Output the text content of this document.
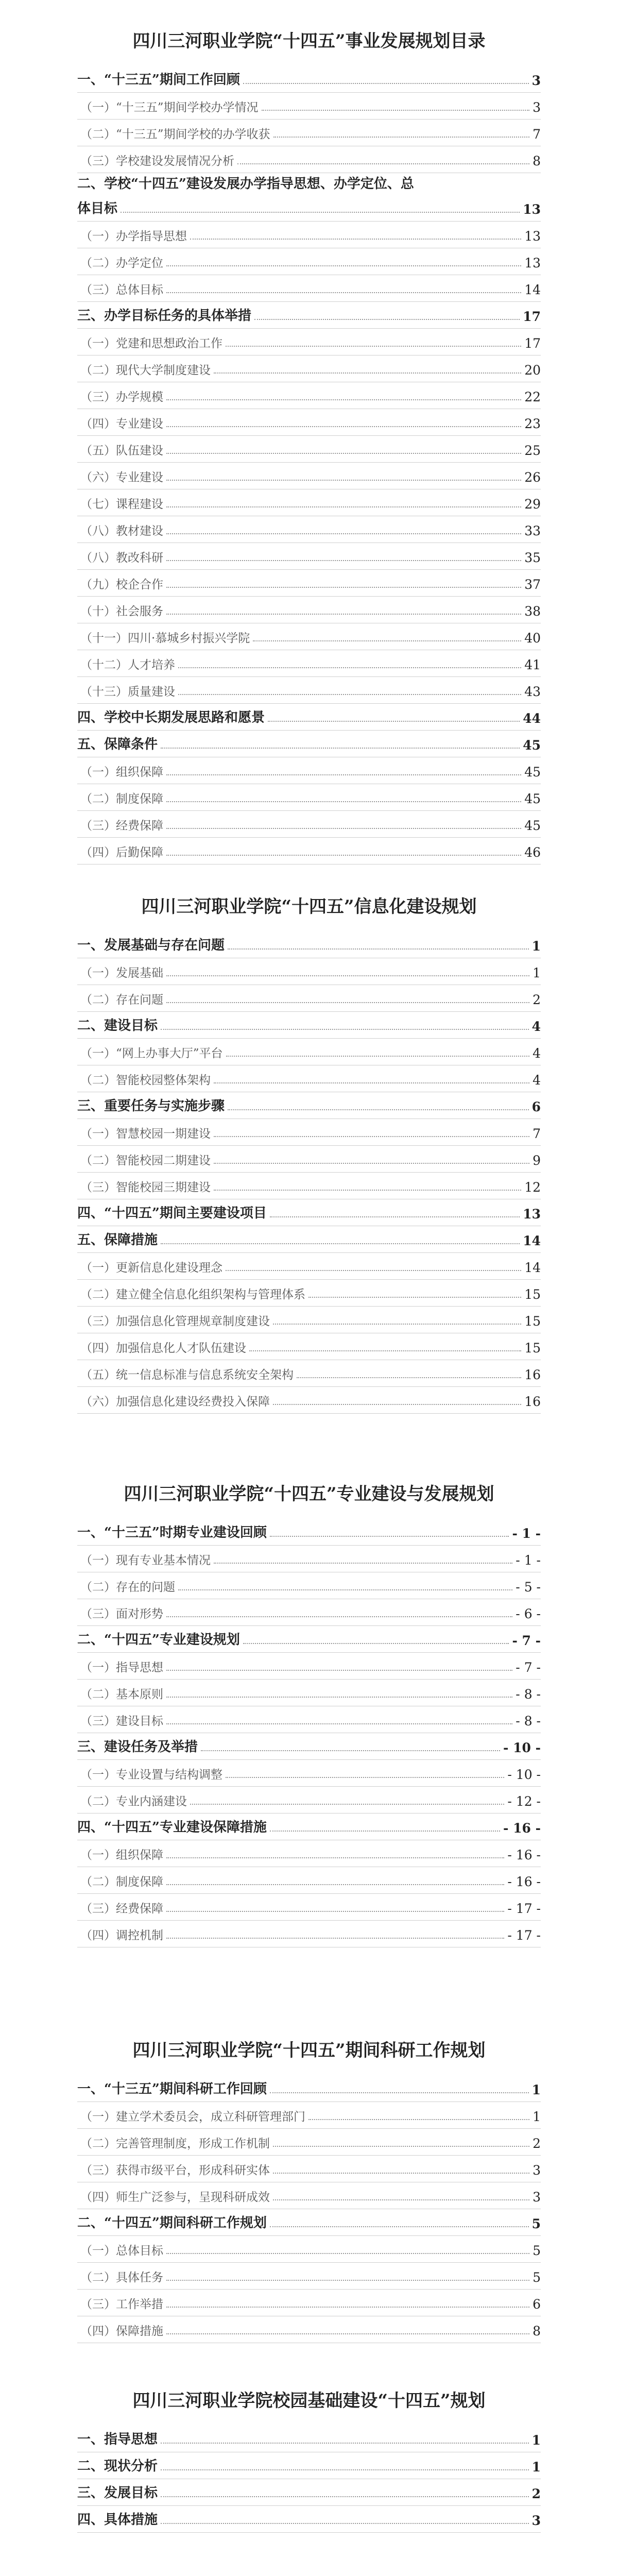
四川三河职业学院“十四五”事业发展规划目录
一、“十三五”期间工作回顾	3
（一）“十三五”期间学校办学情况	3
（二）“十三五”期间学校的办学收获	7
（三）学校建设发展情况分析	8
二、学校“十四五”建设发展办学指导思想、办学定位、总
体目标	13
（一）办学指导思想	13
（二）办学定位	13
（三）总体目标	14
三、办学目标任务的具体举措	17
（一）党建和思想政治工作	17
（二）现代大学制度建设	20
（三）办学规模	22
（四）专业建设	23
（五）队伍建设	25
（六）专业建设	26
（七）课程建设	29
（八）教材建设	33
（八）教改科研	35
（九）校企合作	37
（十）社会服务	38
（十一）四川·慕城乡村振兴学院	40
（十二）人才培养	41
（十三）质量建设	43
四、学校中长期发展思路和愿景	44
五、保障条件	45
（一）组织保障	45
（二）制度保障	45
（三）经费保障	45
（四）后勤保障	46
四川三河职业学院“十四五”信息化建设规划
一、发展基础与存在问题	1
（一）发展基础	1
（二）存在问题	2
二、建设目标	4
（一）“网上办事大厅”平台	4
（二）智能校园整体架构	4
三、重要任务与实施步骤	6
（一）智慧校园一期建设	7
（二）智能校园二期建设	9
（三）智能校园三期建设	12
四、“十四五”期间主要建设项目	13
五、保障措施	14
（一）更新信息化建设理念	14
（二）建立健全信息化组织架构与管理体系	15
（三）加强信息化管理规章制度建设	15
（四）加强信息化人才队伍建设	15
（五）统一信息标准与信息系统安全架构	16
（六）加强信息化建设经费投入保障	16
四川三河职业学院“十四五”专业建设与发展规划
一、“十三五”时期专业建设回顾	- 1 -
（一）现有专业基本情况	- 1 -
（二）存在的问题	- 5 -
（三）面对形势	- 6 -
二、“十四五”专业建设规划	- 7 -
（一）指导思想	- 7 -
（二）基本原则	- 8 -
（三）建设目标	- 8 -
三、建设任务及举措	- 10 -
（一）专业设置与结构调整	- 10 -
（二）专业内涵建设	- 12 -
四、“十四五”专业建设保障措施	- 16 -
（一）组织保障	- 16 -
（二）制度保障	- 16 -
（三）经费保障	- 17 -
（四）调控机制	- 17 -
四川三河职业学院“十四五”期间科研工作规划
一、“十三五”期间科研工作回顾	1
（一）建立学术委员会，成立科研管理部门	1
（二）完善管理制度，形成工作机制	2
（三）获得市级平台，形成科研实体	3
（四）师生广泛参与，呈现科研成效	3
二、“十四五”期间科研工作规划	5
（一）总体目标	5
（二）具体任务	5
（三）工作举措	6
（四）保障措施	8
四川三河职业学院校园基础建设“十四五”规划
一、指导思想	1
二、现状分析	1
三、发展目标	2
四、具体措施	3
